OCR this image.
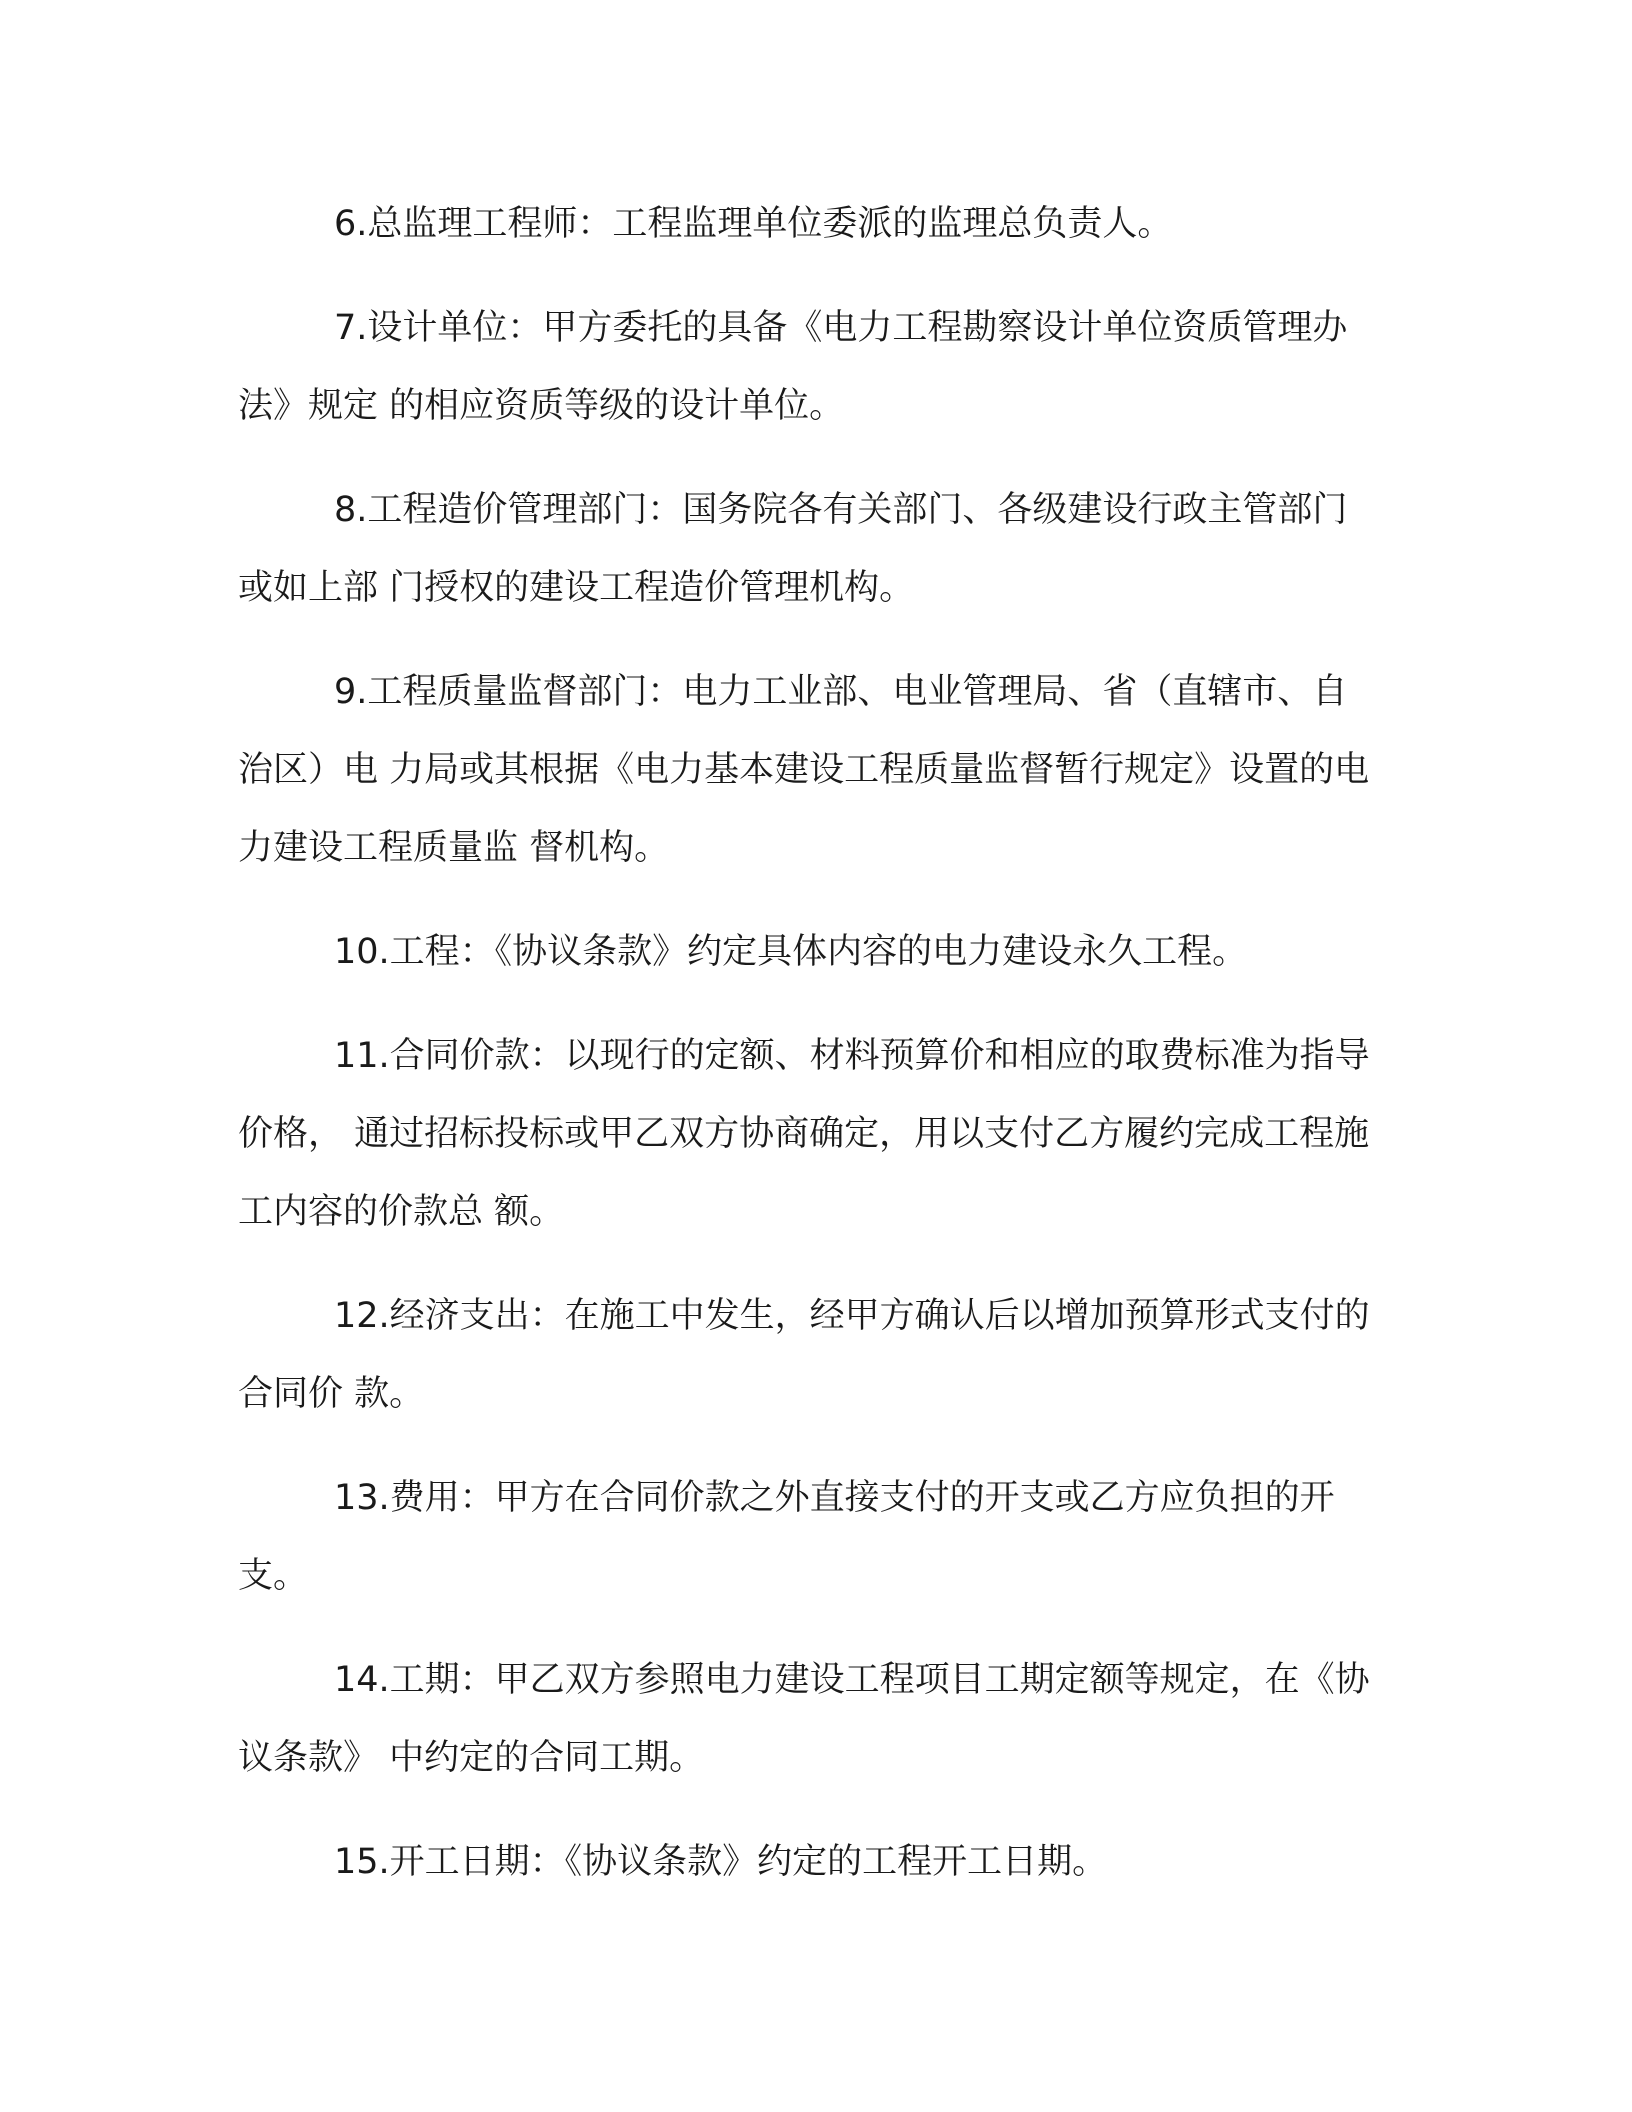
6.总监理工程师：工程监理单位委派的监理总负责人。

7.设计单位：甲方委托的具备《电力工程勘察设计单位资质管理办法》规定 的相应资质等级的设计单位。

8.工程造价管理部门：国务院各有关部门、各级建设行政主管部门或如上部 门授权的建设工程造价管理机构。

9.工程质量监督部门：电力工业部、电业管理局、省（直辖市、自治区）电 力局或其根据《电力基本建设工程质量监督暂行规定》设置的电力建设工程质量监 督机构。

10.工程：《协议条款》约定具体内容的电力建设永久工程。

11.合同价款：以现行的定额、材料预算价和相应的取费标准为指导价格， 通过招标投标或甲乙双方协商确定，用以支付乙方履约完成工程施工内容的价款总 额。

12.经济支出：在施工中发生，经甲方确认后以增加预算形式支付的合同价 款。

13.费用：甲方在合同价款之外直接支付的开支或乙方应负担的开支。

14.工期：甲乙双方参照电力建设工程项目工期定额等规定，在《协议条款》 中约定的合同工期。

15.开工日期：《协议条款》约定的工程开工日期。
